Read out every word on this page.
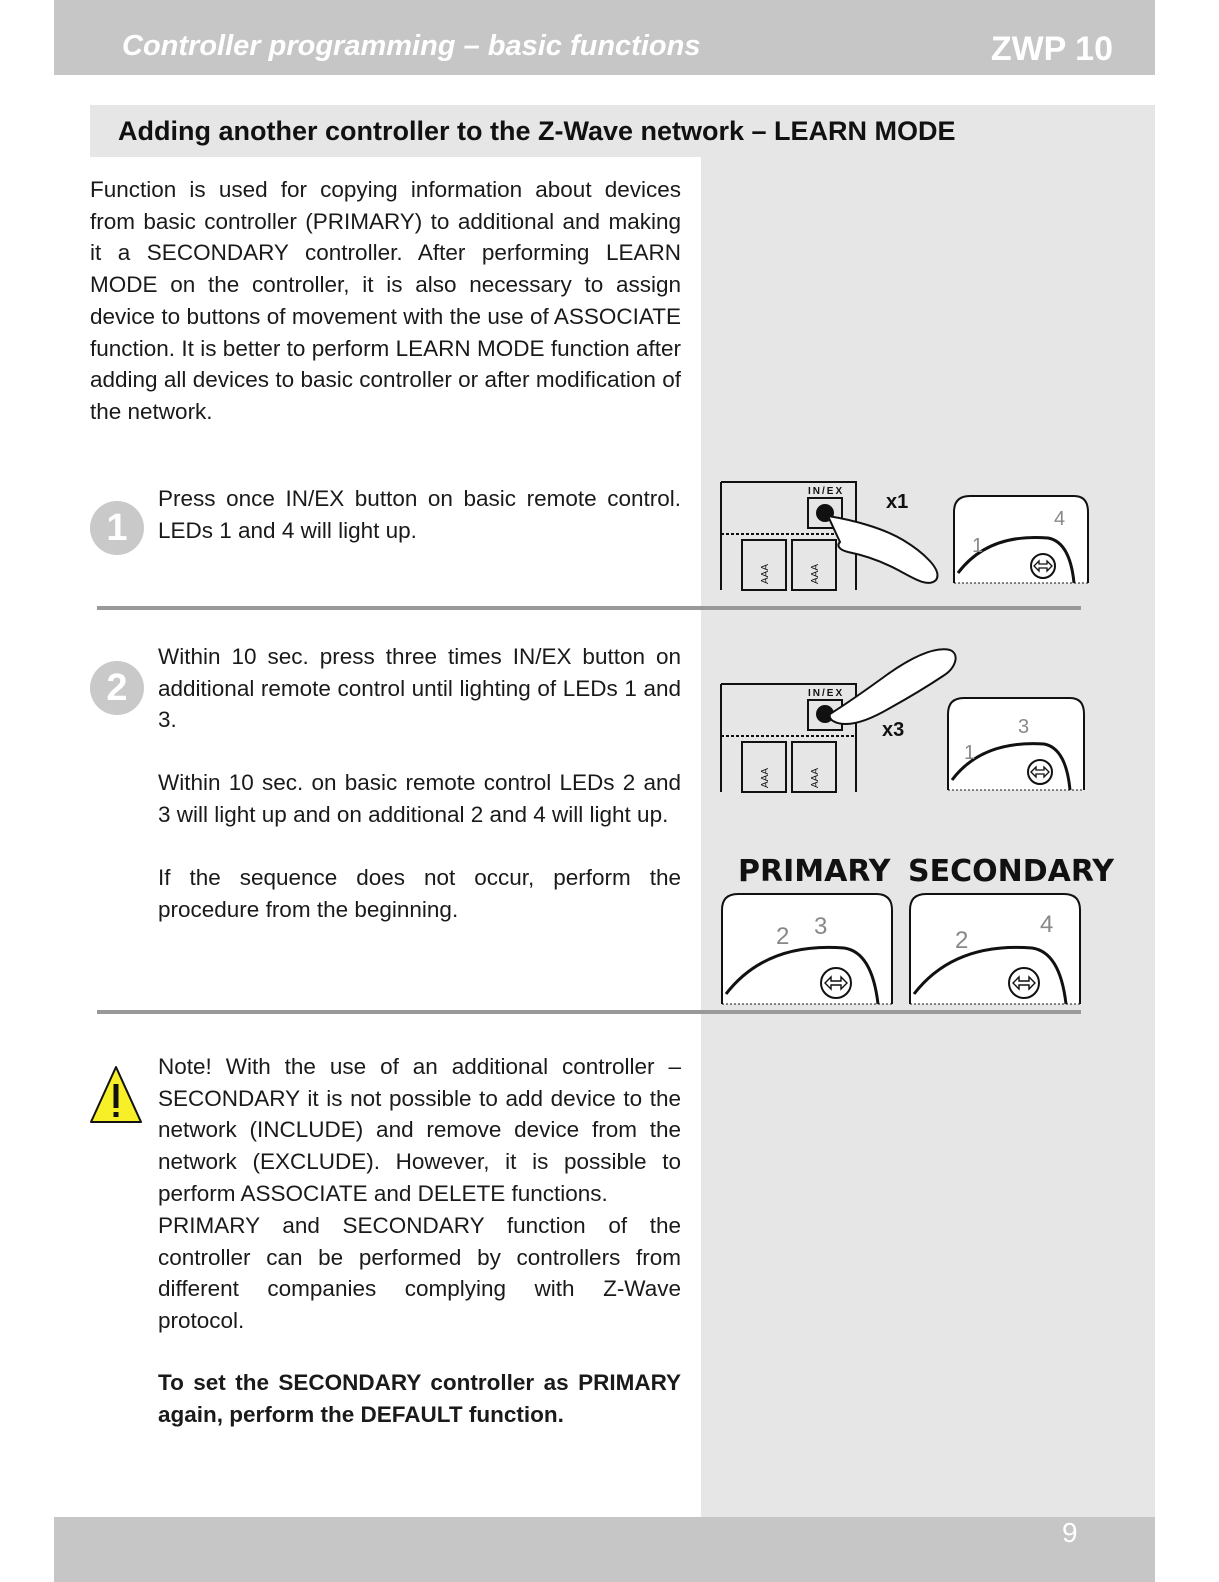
Controller programming – basic functions	ZWP 10
Adding another controller to the Z-Wave network – LEARN MODE
Function is used for copying information about devices from basic controller (PRIMARY) to additional and making it a SECONDARY controller. After performing LEARN MODE on the controller, it is also necessary to assign device to buttons of movement with the use of ASSOCIATE function. It is better to perform LEARN MODE function after adding all devices to basic controller or after modification of the network.
1
Press once IN/EX button on basic remote control. LEDs 1 and 4 will light up.
IN/EX
AAA	AAA
x1
1
4
2
Within 10 sec. press three times IN/EX button on additional remote control until lighting of LEDs 1 and 3.
Within 10 sec. on basic remote control LEDs 2 and 3 will light up and on additional 2 and 4 will light up.
If the sequence does not occur, perform the procedure from the beginning.
IN/EX
AAA	AAA
x3
1
3
PRIMARY SECONDARY
2 3
2
4
Note! With the use of an additional controller – SECONDARY it is not possible to add device to the network (INCLUDE) and remove device from the network (EXCLUDE). However, it is possible to perform ASSOCIATE and DELETE functions.
PRIMARY and SECONDARY function of the controller can be performed by controllers from different companies complying with Z-Wave protocol.
To set the SECONDARY controller as PRIMARY again, perform the DEFAULT function.
9
